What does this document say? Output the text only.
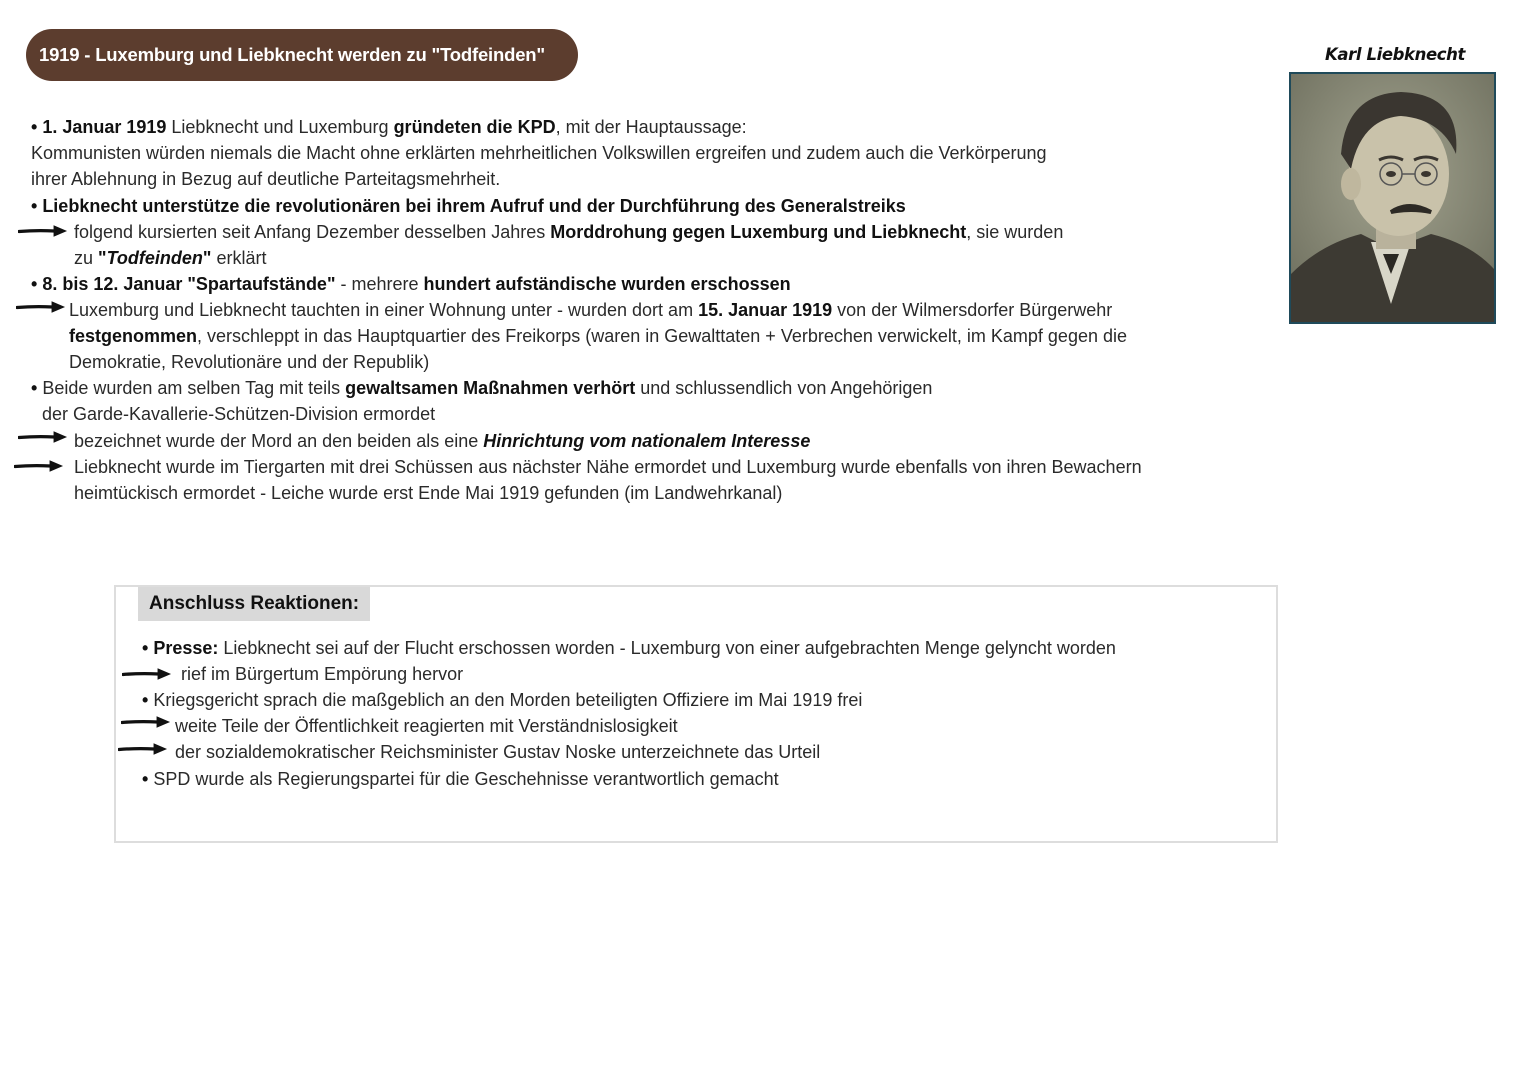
1919 - Luxemburg und Liebknecht werden zu "Todfeinden"	Karl Liebknecht
Anschluss Reaktionen:
• 1. Januar 1919 Liebknecht und Luxemburg gründeten die KPD, mit der Hauptaussage:
Kommunisten würden niemals die Macht ohne erklärten mehrheitlichen Volkswillen ergreifen und zudem auch die Verkörperung
ihrer Ablehnung in Bezug auf deutliche Parteitagsmehrheit.
• Liebknecht unterstütze die revolutionären bei ihrem Aufruf und der Durchführung des Generalstreiks
folgend kursierten seit Anfang Dezember desselben Jahres Morddrohung gegen Luxemburg und Liebknecht, sie wurden
zu "Todfeinden" erklärt
• 8. bis 12. Januar "Spartaufstände" - mehrere hundert aufständische wurden erschossen
Luxemburg und Liebknecht tauchten in einer Wohnung unter - wurden dort am 15. Januar 1919 von der Wilmersdorfer Bürgerwehr
festgenommen, verschleppt in das Hauptquartier des Freikorps (waren in Gewalttaten + Verbrechen verwickelt, im Kampf gegen die
Demokratie, Revolutionäre und der Republik)
• Beide wurden am selben Tag mit teils gewaltsamen Maßnahmen verhört und schlussendlich von Angehörigen
der Garde-Kavallerie-Schützen-Division ermordet
bezeichnet wurde der Mord an den beiden als eine Hinrichtung vom nationalem Interesse
Liebknecht wurde im Tiergarten mit drei Schüssen aus nächster Nähe ermordet und Luxemburg wurde ebenfalls von ihren Bewachern
heimtückisch ermordet - Leiche wurde erst Ende Mai 1919 gefunden (im Landwehrkanal)
• Presse: Liebknecht sei auf der Flucht erschossen worden - Luxemburg von einer aufgebrachten Menge gelyncht worden
rief im Bürgertum Empörung hervor
• Kriegsgericht sprach die maßgeblich an den Morden beteiligten Offiziere im Mai 1919 frei
weite Teile der Öffentlichkeit reagierten mit Verständnislosigkeit
der sozialdemokratischer Reichsminister Gustav Noske unterzeichnete das Urteil
• SPD wurde als Regierungspartei für die Geschehnisse verantwortlich gemacht
